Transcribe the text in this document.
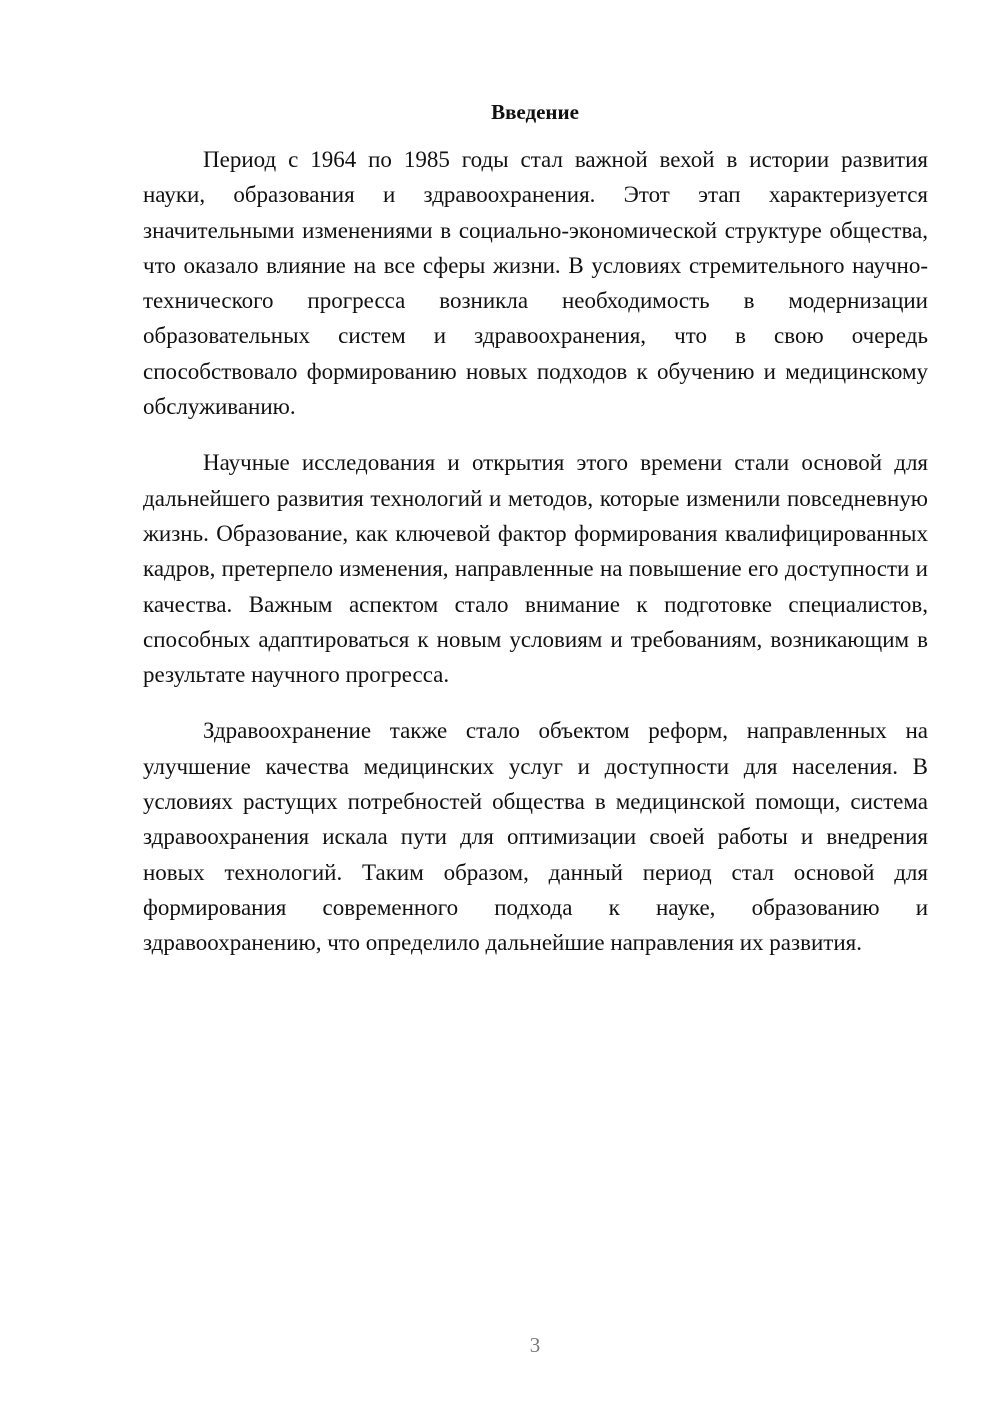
Введение

Период с 1964 по 1985 годы стал важной вехой в истории развития науки, образования и здравоохранения. Этот этап характеризуется значительными изменениями в социально-экономической структуре общества, что оказало влияние на все сферы жизни. В условиях стремительного научно-технического прогресса возникла необходимость в модернизации образовательных систем и здравоохранения, что в свою очередь способствовало формированию новых подходов к обучению и медицинскому обслуживанию.

Научные исследования и открытия этого времени стали основой для дальнейшего развития технологий и методов, которые изменили повседневную жизнь. Образование, как ключевой фактор формирования квалифицированных кадров, претерпело изменения, направленные на повышение его доступности и качества. Важным аспектом стало внимание к подготовке специалистов, способных адаптироваться к новым условиям и требованиям, возникающим в результате научного прогресса.

Здравоохранение также стало объектом реформ, направленных на улучшение качества медицинских услуг и доступности для населения. В условиях растущих потребностей общества в медицинской помощи, система здравоохранения искала пути для оптимизации своей работы и внедрения новых технологий. Таким образом, данный период стал основой для формирования современного подхода к науке, образованию и здравоохранению, что определило дальнейшие направления их развития.

3
